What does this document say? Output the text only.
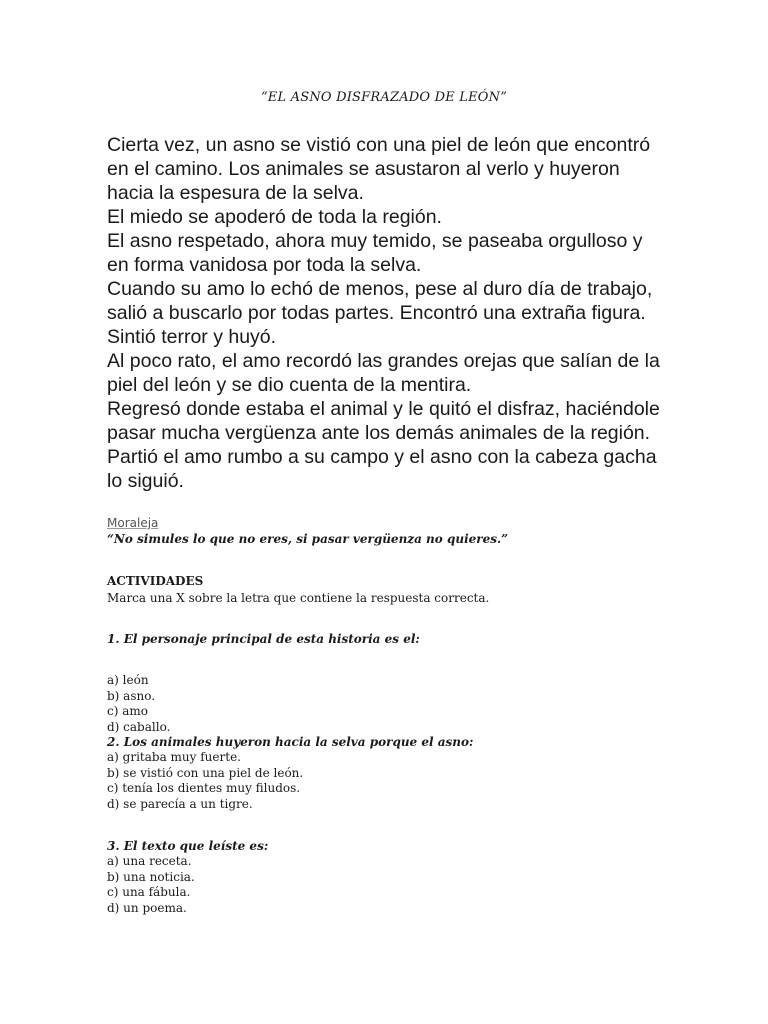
“EL ASNO DISFRAZADO DE LEÓN”

Cierta vez, un asno se vistió con una piel de león que encontró en el camino. Los animales se asustaron al verlo y huyeron hacia la espesura de la selva.

El miedo se apoderó de toda la región.

El asno respetado, ahora muy temido, se paseaba orgulloso y en forma vanidosa por toda la selva.

Cuando su amo lo echó de menos, pese al duro día de trabajo, salió a buscarlo por todas partes. Encontró una extraña figura. Sintió terror y huyó.

Al poco rato, el amo recordó las grandes orejas que salían de la piel del león y se dio cuenta de la mentira.

Regresó donde estaba el animal y le quitó el disfraz, haciéndole pasar mucha vergüenza ante los demás animales de la región. Partió el amo rumbo a su campo y el asno con la cabeza gacha lo siguió.

Moraleja
“No simules lo que no eres, si pasar vergüenza no quieres.”
ACTIVIDADES
Marca una X sobre la letra que contiene la respuesta correcta.
1. El personaje principal de esta historia es el:
a) león
b) asno.
c) amo
d) caballo.
2. Los animales huyeron hacia la selva porque el asno:
a) gritaba muy fuerte.
b) se vistió con una piel de león.
c) tenía los dientes muy filudos.
d) se parecía a un tigre.
3. El texto que leíste es:
a) una receta.
b) una noticia.
c) una fábula.
d) un poema.
